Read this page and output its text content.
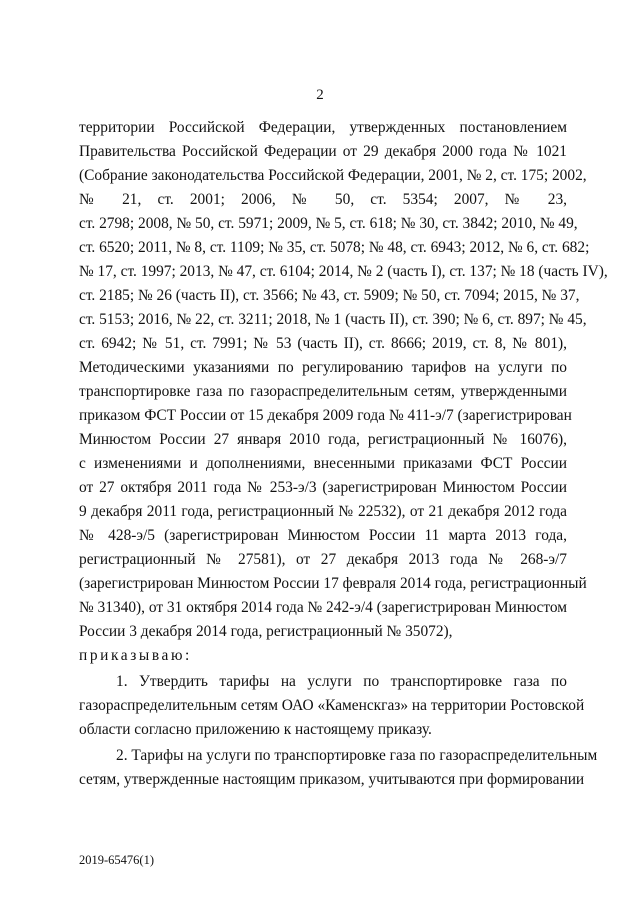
2
территории Российской Федерации, утвержденных постановлением
Правительства Российской Федерации от 29 декабря 2000 года № 1021
(Собрание законодательства Российской Федерации, 2001, № 2, ст. 175; 2002,
№ 21, ст. 2001; 2006, № 50, ст. 5354; 2007, № 23,
ст. 2798; 2008, № 50, ст. 5971; 2009, № 5, ст. 618; № 30, ст. 3842; 2010, № 49,
ст. 6520; 2011, № 8, ст. 1109; № 35, ст. 5078; № 48, ст. 6943; 2012, № 6, ст. 682;
№ 17, ст. 1997; 2013, № 47, ст. 6104; 2014, № 2 (часть I), ст. 137; № 18 (часть IV),
ст. 2185; № 26 (часть II), ст. 3566; № 43, ст. 5909; № 50, ст. 7094; 2015, № 37,
ст. 5153; 2016, № 22, ст. 3211; 2018, № 1 (часть II), ст. 390; № 6, ст. 897; № 45,
ст. 6942; № 51, ст. 7991; № 53 (часть II), ст. 8666; 2019, ст. 8, № 801),
Методическими указаниями по регулированию тарифов на услуги по
транспортировке газа по газораспределительным сетям, утвержденными
приказом ФСТ России от 15 декабря 2009 года № 411-э/7 (зарегистрирован
Минюстом России 27 января 2010 года, регистрационный № 16076),
с изменениями и дополнениями, внесенными приказами ФСТ России
от 27 октября 2011 года № 253-э/3 (зарегистрирован Минюстом России
9 декабря 2011 года, регистрационный № 22532), от 21 декабря 2012 года
№ 428-э/5 (зарегистрирован Минюстом России 11 марта 2013 года,
регистрационный № 27581), от 27 декабря 2013 года № 268-э/7
(зарегистрирован Минюстом России 17 февраля 2014 года, регистрационный
№ 31340), от 31 октября 2014 года № 242-э/4 (зарегистрирован Минюстом
России 3 декабря 2014 года, регистрационный № 35072),
приказываю:
1. Утвердить тарифы на услуги по транспортировке газа по
газораспределительным сетям ОАО «Каменскгаз» на территории Ростовской
области согласно приложению к настоящему приказу.
2. Тарифы на услуги по транспортировке газа по газораспределительным
сетям, утвержденные настоящим приказом, учитываются при формировании
2019-65476(1)
